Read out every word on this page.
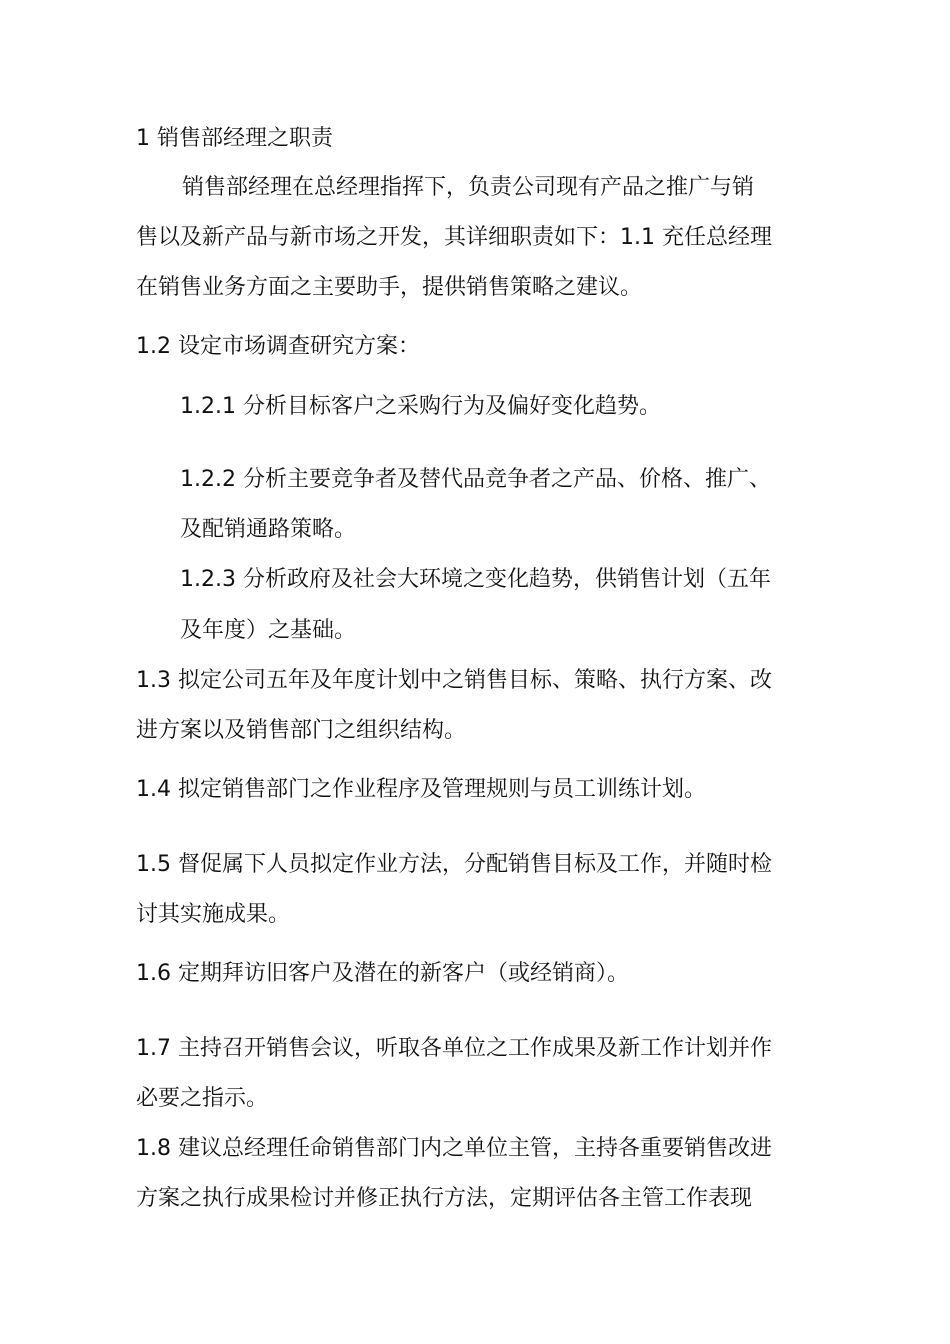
1 销售部经理之职责
销售部经理在总经理指挥下，负责公司现有产品之推广与销
售以及新产品与新市场之开发，其详细职责如下：1.1 充任总经理
在销售业务方面之主要助手，提供销售策略之建议。
1.2 设定市场调查研究方案：
1.2.1 分析目标客户之采购行为及偏好变化趋势。
1.2.2 分析主要竞争者及替代品竞争者之产品、价格、推广、
及配销通路策略。
1.2.3 分析政府及社会大环境之变化趋势，供销售计划（五年
及年度）之基础。
1.3 拟定公司五年及年度计划中之销售目标、策略、执行方案、改
进方案以及销售部门之组织结构。
1.4 拟定销售部门之作业程序及管理规则与员工训练计划。
1.5 督促属下人员拟定作业方法，分配销售目标及工作，并随时检
讨其实施成果。
1.6 定期拜访旧客户及潜在的新客户（或经销商）。
1.7 主持召开销售会议，听取各单位之工作成果及新工作计划并作
必要之指示。
1.8 建议总经理任命销售部门内之单位主管，主持各重要销售改进
方案之执行成果检讨并修正执行方法，定期评估各主管工作表现
